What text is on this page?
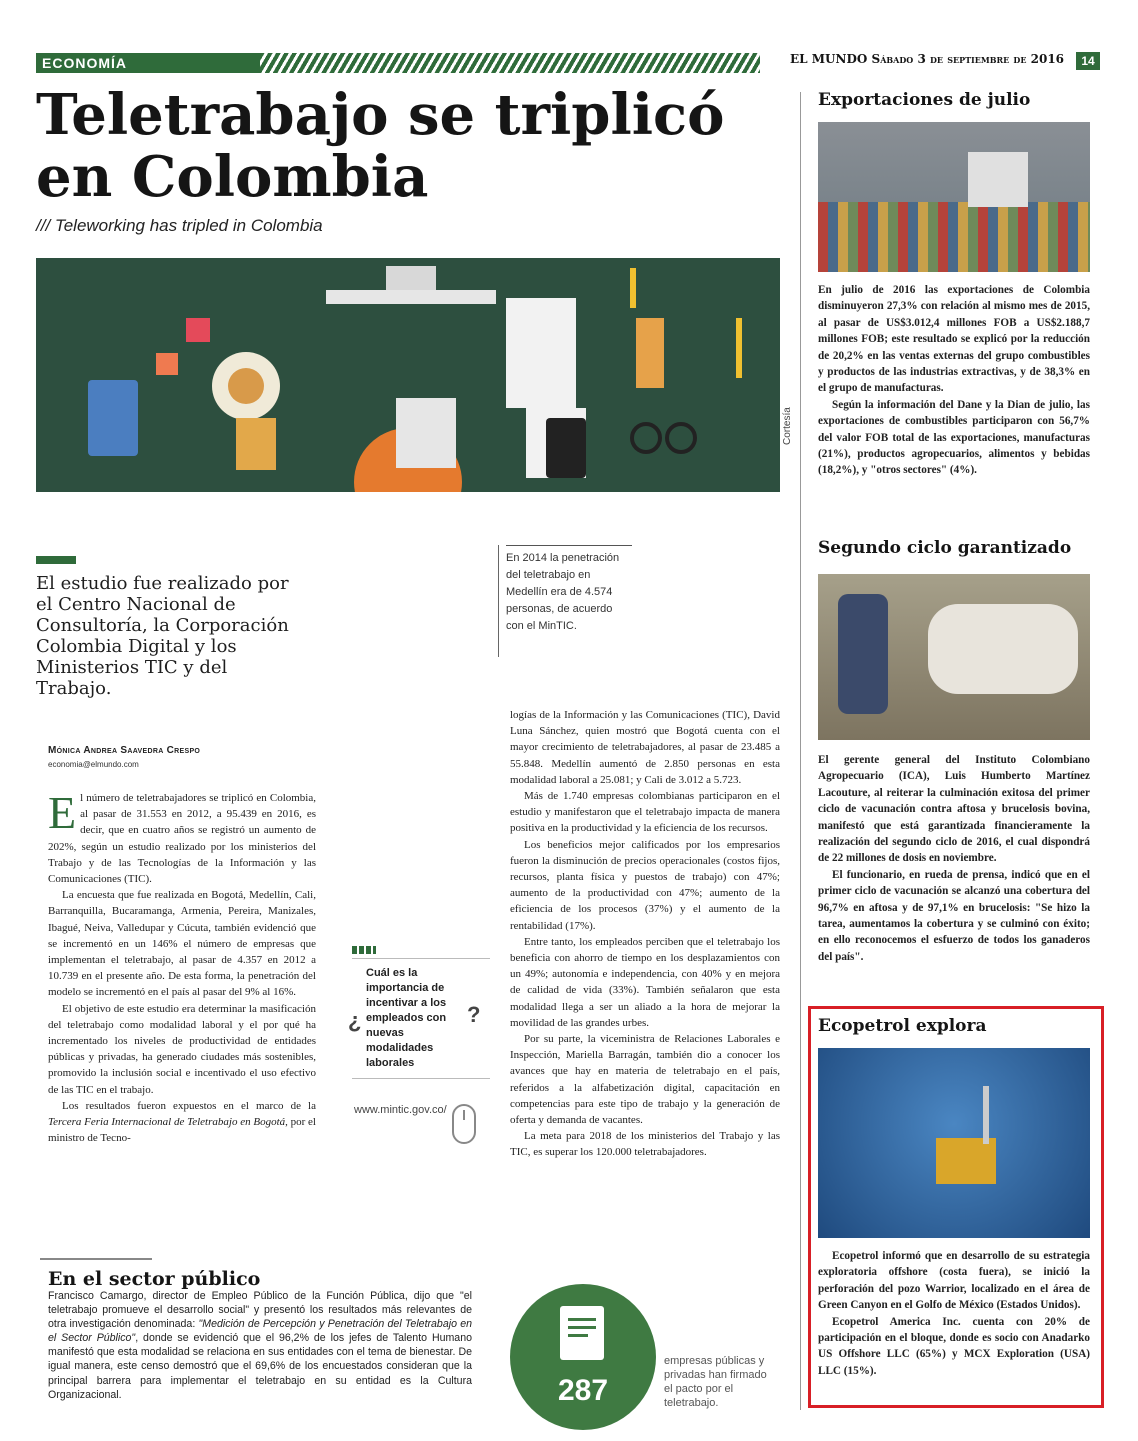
ECONOMÍA	EL MUNDO Sábado 3 de septiembre de 2016	14
Teletrabajo se triplicó en Colombia
/// Teleworking has tripled in Colombia
Cortesía
El estudio fue realizado por el Centro Nacional de Consultoría, la Corporación Colombia Digital y los Ministerios TIC y del Trabajo.
En 2014 la penetración del teletrabajo en Medellín era de 4.574 personas, de acuerdo con el MinTIC.
Mónica Andrea Saavedra Crespo
economia@elmundo.com

El número de teletrabajadores se triplicó en Colombia, al pasar de 31.553 en 2012, a 95.439 en 2016, es decir, que en cuatro años se registró un aumento de 202%, según un estudio realizado por los ministerios del Trabajo y de las Tecnologías de la Información y las Comunicaciones (TIC).

La encuesta que fue realizada en Bogotá, Medellín, Cali, Barranquilla, Bucaramanga, Armenia, Pereira, Manizales, Ibagué, Neiva, Valledupar y Cúcuta, también evidenció que se incrementó en un 146% el número de empresas que implementan el teletrabajo, al pasar de 4.357 en 2012 a 10.739 en el presente año. De esta forma, la penetración del modelo se incrementó en el país al pasar del 9% al 16%.

El objetivo de este estudio era determinar la masificación del teletrabajo como modalidad laboral y el por qué ha incrementado los niveles de productividad de entidades públicas y privadas, ha generado ciudades más sostenibles, promovido la inclusión social e incentivado el uso efectivo de las TIC en el trabajo.

Los resultados fueron expuestos en el marco de la Tercera Feria Internacional de Teletrabajo en Bogotá, por el ministro de Tecno-

logías de la Información y las Comunicaciones (TIC), David Luna Sánchez, quien mostró que Bogotá cuenta con el mayor crecimiento de teletrabajadores, al pasar de 23.485 a 55.848. Medellín aumentó de 2.850 personas en esta modalidad laboral a 25.081; y Cali de 3.012 a 5.723.

Más de 1.740 empresas colombianas participaron en el estudio y manifestaron que el teletrabajo impacta de manera positiva en la productividad y la eficiencia de los recursos.

Los beneficios mejor calificados por los empresarios fueron la disminución de precios operacionales (costos fijos, recursos, planta física y puestos de trabajo) con 47%; aumento de la productividad con 47%; aumento de la eficiencia de los procesos (37%) y el aumento de la rentabilidad (17%).

Entre tanto, los empleados perciben que el teletrabajo los beneficia con ahorro de tiempo en los desplazamientos con un 49%; autonomía e independencia, con 40% y en mejora de calidad de vida (33%). También señalaron que esta modalidad llega a ser un aliado a la hora de mejorar la movilidad de las grandes urbes.

Por su parte, la viceministra de Relaciones Laborales e Inspección, Mariella Barragán, también dio a conocer los avances que hay en materia de teletrabajo en el país, referidos a la alfabetización digital, capacitación en competencias para este tipo de trabajo y la generación de oferta y demanda de vacantes.

La meta para 2018 de los ministerios del Trabajo y las TIC, es superar los 120.000 teletrabajadores.

¿
Cuál es la importancia de incentivar a los empleados con nuevas modalidades laborales
?
www.mintic.gov.co/
En el sector público
Francisco Camargo, director de Empleo Público de la Función Pública, dijo que "el teletrabajo promueve el desarrollo social" y presentó los resultados más relevantes de otra investigación denominada: "Medición de Percepción y Penetración del Teletrabajo en el Sector Público", donde se evidenció que el 96,2% de los jefes de Talento Humano manifestó que esta modalidad se relaciona en sus entidades con el tema de bienestar. De igual manera, este censo demostró que el 69,6% de los encuestados consideran que la principal barrera para implementar el teletrabajo en su entidad es la Cultura Organizacional.	287
empresas públicas y privadas han firmado el pacto por el teletrabajo.
Exportaciones de julio

En julio de 2016 las exportaciones de Colombia disminuyeron 27,3% con relación al mismo mes de 2015, al pasar de US$3.012,4 millones FOB a US$2.188,7 millones FOB; este resultado se explicó por la reducción de 20,2% en las ventas externas del grupo combustibles y productos de las industrias extractivas, y de 38,3% en el grupo de manufacturas.

Según la información del Dane y la Dian de julio, las exportaciones de combustibles participaron con 56,7% del valor FOB total de las exportaciones, manufacturas (21%), productos agropecuarios, alimentos y bebidas (18,2%), y "otros sectores" (4%).

Segundo ciclo garantizado

El gerente general del Instituto Colombiano Agropecuario (ICA), Luis Humberto Martínez Lacouture, al reiterar la culminación exitosa del primer ciclo de vacunación contra aftosa y brucelosis bovina, manifestó que está garantizada financieramente la realización del segundo ciclo de 2016, el cual dispondrá de 22 millones de dosis en noviembre.

El funcionario, en rueda de prensa, indicó que en el primer ciclo de vacunación se alcanzó una cobertura del 96,7% en aftosa y de 97,1% en brucelosis: "Se hizo la tarea, aumentamos la cobertura y se culminó con éxito; en ello reconocemos el esfuerzo de todos los ganaderos del país".

Ecopetrol explora

Ecopetrol informó que en desarrollo de su estrategia exploratoria offshore (costa fuera), se inició la perforación del pozo Warrior, localizado en el área de Green Canyon en el Golfo de México (Estados Unidos).

Ecopetrol America Inc. cuenta con 20% de participación en el bloque, donde es socio con Anadarko US Offshore LLC (65%) y MCX Exploration (USA) LLC (15%).
